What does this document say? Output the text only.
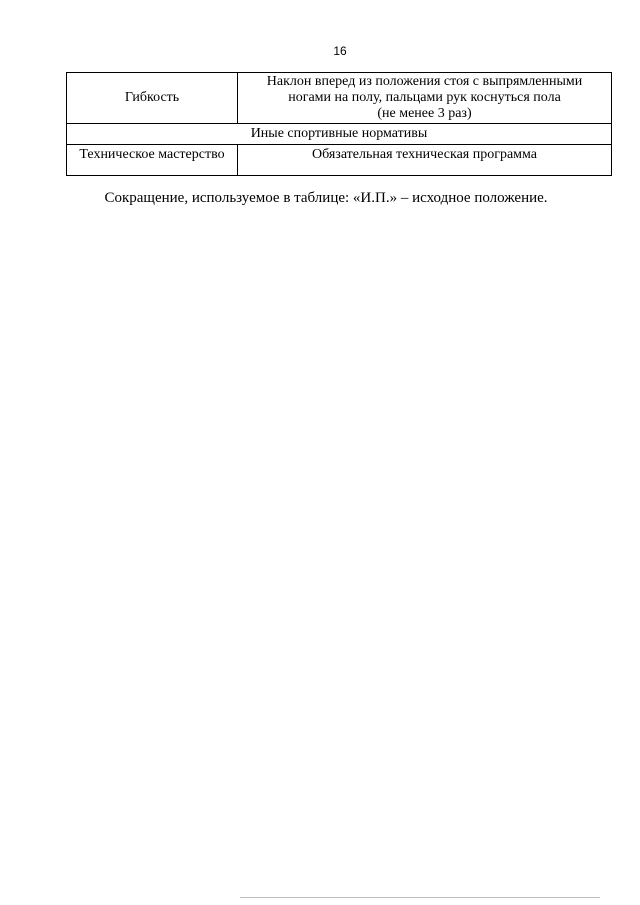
16
Гибкость	Наклон вперед из положения стоя с выпрямленными
ногами на полу, пальцами рук коснуться пола
(не менее 3 раз)

Иные спортивные нормативы	
Техническое мастерство	Обязательная техническая программа
Сокращение, используемое в таблице: «И.П.» – исходное положение.
